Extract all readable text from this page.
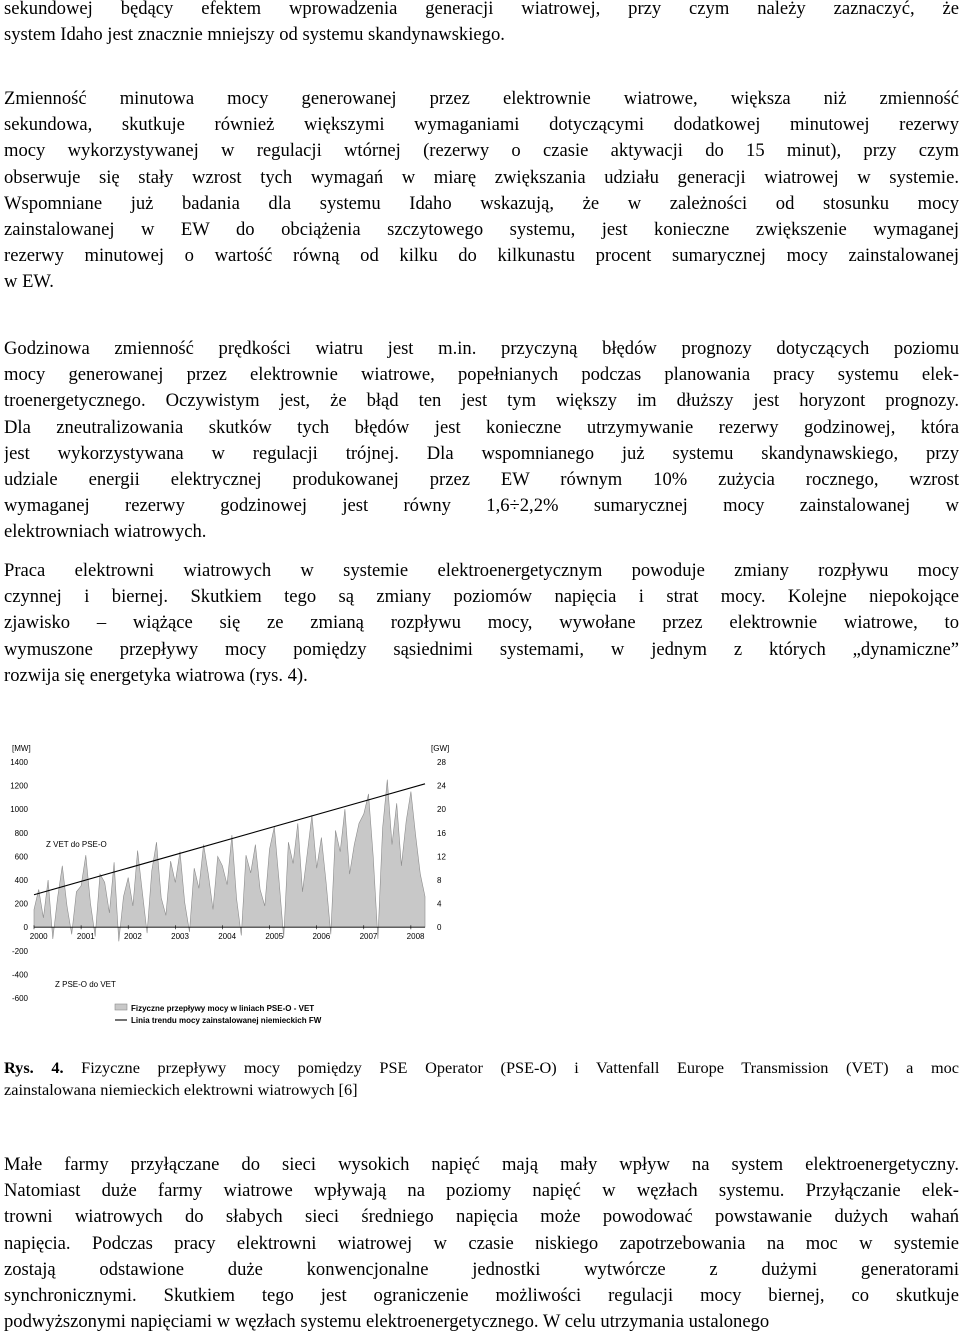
sekundowej będący efektem wprowadzenia generacji wiatrowej, przy czym należy zaznaczyć, że
system Idaho jest znacznie mniejszy od systemu skandynawskiego.
Zmienność minutowa mocy generowanej przez elektrownie wiatrowe, większa niż zmienność
sekundowa, skutkuje również większymi wymaganiami dotyczącymi dodatkowej minutowej rezerwy
mocy wykorzystywanej w regulacji wtórnej (rezerwy o czasie aktywacji do 15 minut), przy czym
obserwuje się stały wzrost tych wymagań w miarę zwiększania udziału generacji wiatrowej w systemie.
Wspomniane już badania dla systemu Idaho wskazują, że w zależności od stosunku mocy
zainstalowanej w EW do obciążenia szczytowego systemu, jest konieczne zwiększenie wymaganej
rezerwy minutowej o wartość równą od kilku do kilkunastu procent sumarycznej mocy zainstalowanej
w EW.
Godzinowa zmienność prędkości wiatru jest m.in. przyczyną błędów prognozy dotyczących poziomu
mocy generowanej przez elektrownie wiatrowe, popełnianych podczas planowania pracy systemu elek-
troenergetycznego. Oczywistym jest, że błąd ten jest tym większy im dłuższy jest horyzont prognozy.
Dla zneutralizowania skutków tych błędów jest konieczne utrzymywanie rezerwy godzinowej, która
jest wykorzystywana w regulacji trójnej. Dla wspomnianego już systemu skandynawskiego, przy
udziale energii elektrycznej produkowanej przez EW równym 10% zużycia rocznego, wzrost
wymaganej rezerwy godzinowej jest równy 1,6÷2,2% sumarycznej mocy zainstalowanej w
elektrowniach wiatrowych.
Praca elektrowni wiatrowych w systemie elektroenergetycznym powoduje zmiany rozpływu mocy
czynnej i biernej. Skutkiem tego są zmiany poziomów napięcia i strat mocy. Kolejne niepokojące
zjawisko – wiążące się ze zmianą rozpływu mocy, wywołane przez elektrownie wiatrowe, to
wymuszone przepływy mocy pomiędzy sąsiednimi systemami, w jednym z których „dynamiczne”
rozwija się energetyka wiatrowa (rys. 4).
[MW]	[GW]
1400
1200
1000
800
600
400
200
0
-200
-400
-600
28
24
20
16
12
8
4
0
2000	2001	2002	2003	2004	2005	2006	2007	2008
Z VET do PSE-O
Z PSE-O do VET
Fizyczne przepływy mocy w liniach PSE-O - VET
Linia trendu mocy zainstalowanej niemieckich FW
Rys. 4. Fizyczne przepływy mocy pomiędzy PSE Operator (PSE-O) i Vattenfall Europe Transmission (VET) a moc
zainstalowana niemieckich elektrowni wiatrowych [6]
Małe farmy przyłączane do sieci wysokich napięć mają mały wpływ na system elektroenergetyczny.
Natomiast duże farmy wiatrowe wpływają na poziomy napięć w węzłach systemu. Przyłączanie elek-
trowni wiatrowych do słabych sieci średniego napięcia może powodować powstawanie dużych wahań
napięcia. Podczas pracy elektrowni wiatrowej w czasie niskiego zapotrzebowania na moc w systemie
zostają odstawione duże konwencjonalne jednostki wytwórcze z dużymi generatorami
synchronicznymi. Skutkiem tego jest ograniczenie możliwości regulacji mocy biernej, co skutkuje
podwyższonymi napięciami w węzłach systemu elektroenergetycznego. W celu utrzymania ustalonego
